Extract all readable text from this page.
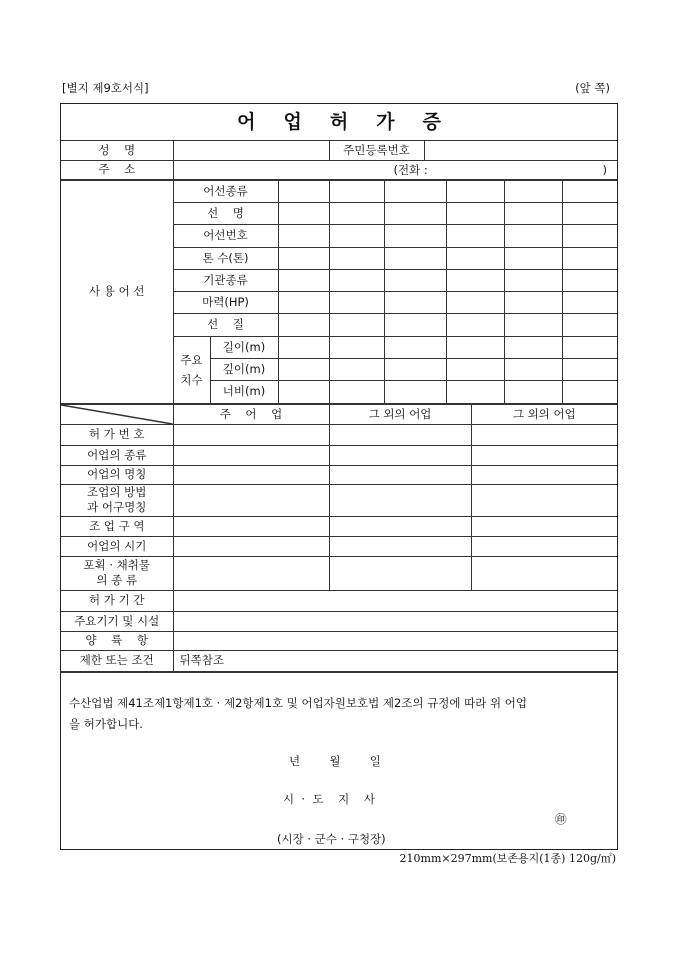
[별지 제9호서식]	(앞 쪽)
어업허가증
성    명		주민등록번호	
주    소	(전화 : )		
사 용 어 선	어선종류							
	선    명							
	어선번호							
	톤 수(톤)							
	기관종류							
	마력(HP)							
	선    질							
	주요
치수	길이(m)						
		깊이(m)						
		너비(m)						
	주    어    업	그 외의 어업	그 외의 어업
허 가 번 호			
어업의 종류			
어업의 명칭			
조업의 방법
과 어구명칭			
조 업 구 역			
어업의 시기			
포획 · 채취물
의 종 류			
허 가 기 간			
주요기기 및 시설			
양    륙    항			
제한 또는 조건	뒤쪽참조		

수산업법 제41조제1항제1호 · 제2항제1호 및 어업자원보호법 제2조의 규정에 따라 위 어업

을 허가합니다.

년        월        일

시  ·  도    지    사

㊞

(시장 · 군수 · 구청장)

210mm×297mm(보존용지(1종) 120g/㎡)
